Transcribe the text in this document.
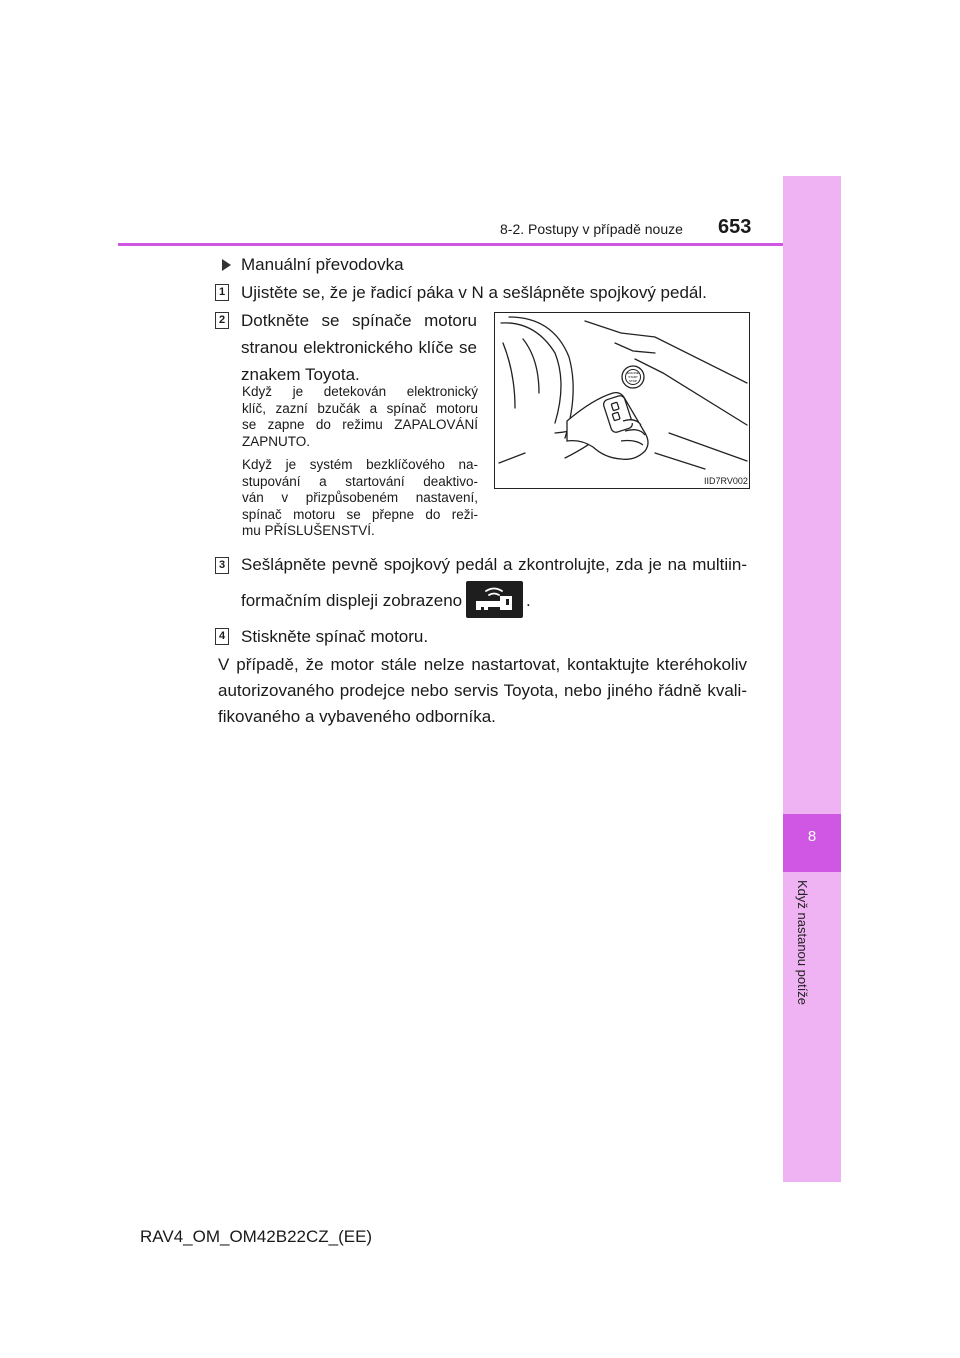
8
Když nastanou potíže
8-2. Postupy v případě nouze	653
Manuální převodovka
1 Ujistěte se, že je řadicí páka v N a sešlápněte spojkový pedál.
2 Dotkněte se spínače motoru
stranou elektronického klíče se
znakem Toyota.
Když je detekován elektronický
klíč, zazní bzučák a spínač motoru
se zapne do režimu ZAPALOVÁNÍ
ZAPNUTO.
Když je systém bezklíčového na-
stupování a startování deaktivo-
ván v přizpůsobeném nastavení,
spínač motoru se přepne do reži-
mu PŘÍSLUŠENSTVÍ.
ENGINE
START
STOP
IID7RV002
3 Sešlápněte pevně spojkový pedál a zkontrolujte, zda je na multiin-
formačním displeji zobrazeno	.
4 Stiskněte spínač motoru.
V případě, že motor stále nelze nastartovat, kontaktujte kteréhokoliv
autorizovaného prodejce nebo servis Toyota, nebo jiného řádně kvali-
fikovaného a vybaveného odborníka.
RAV4_OM_OM42B22CZ_(EE)
